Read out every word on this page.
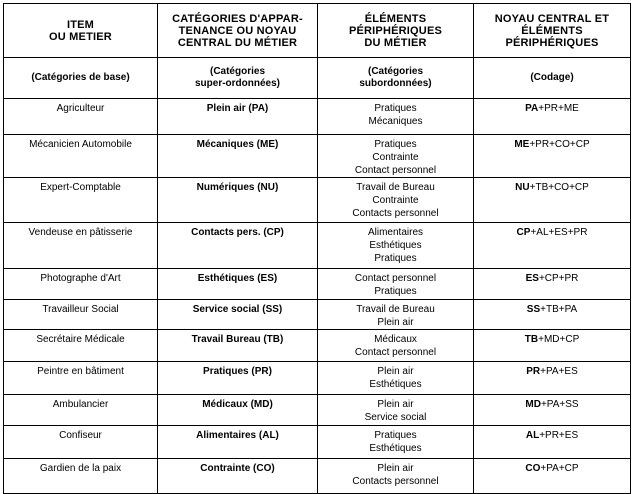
ITEM
OU METIER	CATÉGORIES D'APPAR-
TENANCE OU NOYAU
CENTRAL DU MÉTIER	ÉLÉMENTS
PÉRIPHÉRIQUES
DU MÉTIER	NOYAU CENTRAL ET
ÉLÉMENTS
PÉRIPHÉRIQUES
(Catégories de base)	(Catégories
super-ordonnées)	(Catégories
subordonnées)	(Codage)
Agriculteur	Plein air (PA)	Pratiques
Mécaniques	PA+PR+ME
Mécanicien Automobile	Mécaniques (ME)	Pratiques
Contrainte
Contact personnel	ME+PR+CO+CP
Expert-Comptable	Numériques (NU)	Travail de Bureau
Contrainte
Contacts personnel	NU+TB+CO+CP
Vendeuse en pâtisserie	Contacts pers. (CP)	Alimentaires
Esthétiques
Pratiques	CP+AL+ES+PR
Photographe d'Art	Esthétiques (ES)	Contact personnel
Pratiques	ES+CP+PR
Travailleur Social	Service social (SS)	Travail de Bureau
Plein air	SS+TB+PA
Secrétaire Médicale	Travail Bureau (TB)	Médicaux
Contact personnel	TB+MD+CP
Peintre en bâtiment	Pratiques (PR)	Plein air
Esthétiques	PR+PA+ES
Ambulancier	Médicaux (MD)	Plein air
Service social	MD+PA+SS
Confiseur	Alimentaires (AL)	Pratiques
Esthétiques	AL+PR+ES
Gardien de la paix	Contrainte (CO)	Plein air
Contacts personnel	CO+PA+CP
